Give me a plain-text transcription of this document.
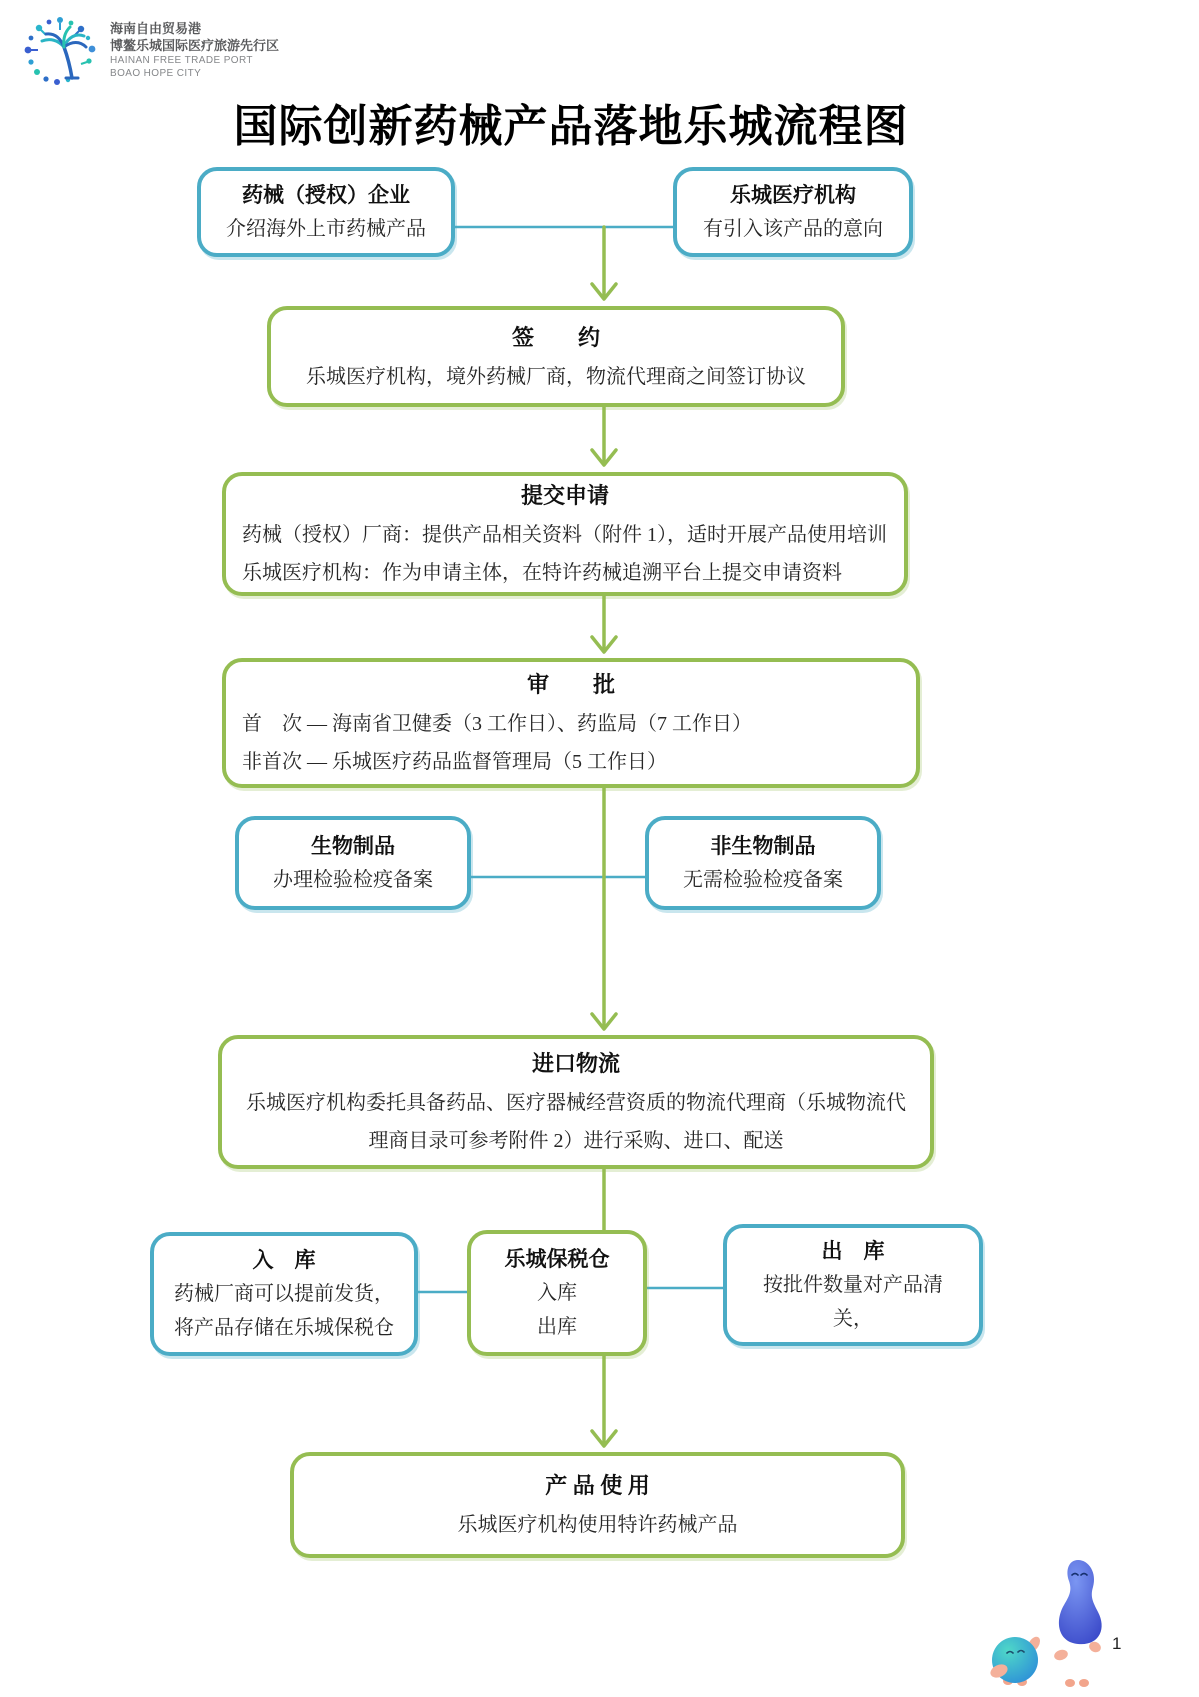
海南自由贸易港
博鳌乐城国际医疗旅游先行区
HAINAN FREE TRADE PORT
BOAO HOPE CITY
国际创新药械产品落地乐城流程图
药械（授权）企业
介绍海外上市药械产品
乐城医疗机构
有引入该产品的意向
签　　约
乐城医疗机构，境外药械厂商，物流代理商之间签订协议
提交申请
药械（授权）厂商：提供产品相关资料（附件 1），适时开展产品使用培训
乐城医疗机构：作为申请主体，在特许药械追溯平台上提交申请资料
审　　批
首　次 — 海南省卫健委（3 工作日）、药监局（7 工作日）
非首次 — 乐城医疗药品监督管理局（5 工作日）
生物制品
办理检验检疫备案
非生物制品
无需检验检疫备案
进口物流
乐城医疗机构委托具备药品、医疗器械经营资质的物流代理商（乐城物流代
理商目录可参考附件 2）进行采购、进口、配送
入　库
药械厂商可以提前发货，
将产品存储在乐城保税仓
乐城保税仓
入库
出库
出　库
按批件数量对产品清
关，
产 品 使 用
乐城医疗机构使用特许药械产品
1
